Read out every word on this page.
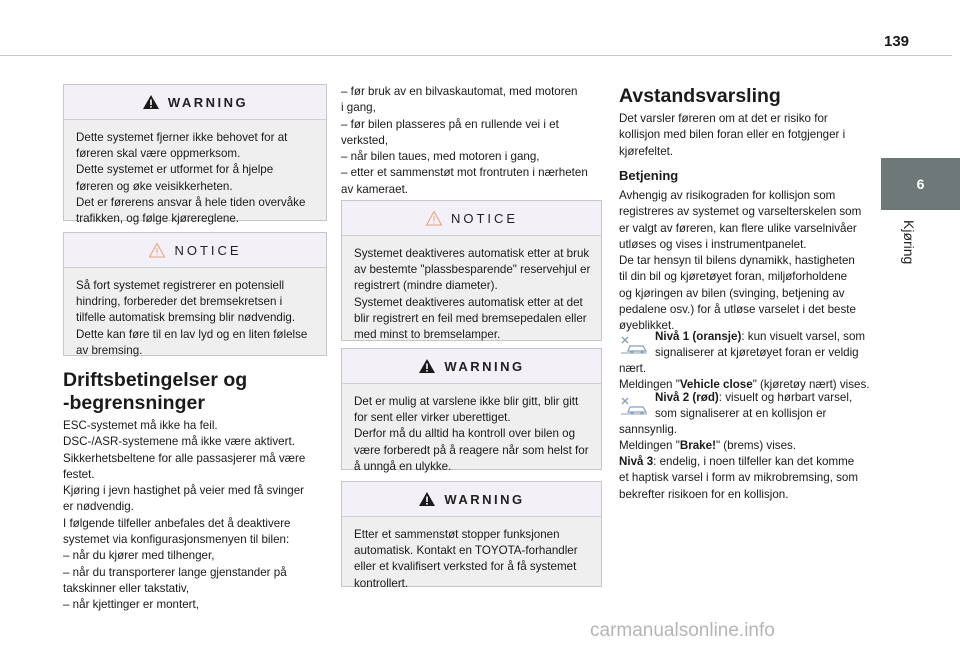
139
6
Kjøring
WARNING
Dette systemet fjerner ikke behovet for at
føreren skal være oppmerksom.
Dette systemet er utformet for å hjelpe
føreren og øke veisikkerheten.
Det er førerens ansvar å hele tiden overvåke
trafikken, og følge kjørereglene.
NOTICE
Så fort systemet registrerer en potensiell
hindring, forbereder det bremsekretsen i
tilfelle automatisk bremsing blir nødvendig.
Dette kan føre til en lav lyd og en liten følelse
av bremsing.
Driftsbetingelser og
-begrensninger
ESC-systemet må ikke ha feil.
DSC-/ASR-systemene må ikke være aktivert.
Sikkerhetsbeltene for alle passasjerer må være
festet.
Kjøring i jevn hastighet på veier med få svinger
er nødvendig.
I følgende tilfeller anbefales det å deaktivere
systemet via konfigurasjonsmenyen til bilen:
– når du kjører med tilhenger,
– når du transporterer lange gjenstander på
takskinner eller takstativ,
– når kjettinger er montert,
– før bruk av en bilvaskautomat, med motoren
i gang,
– før bilen plasseres på en rullende vei i et
verksted,
– når bilen taues, med motoren i gang,
– etter et sammenstøt mot frontruten i nærheten
av kameraet.
NOTICE
Systemet deaktiveres automatisk etter at bruk
av bestemte "plassbesparende" reservehjul er
registrert (mindre diameter).
Systemet deaktiveres automatisk etter at det
blir registrert en feil med bremsepedalen eller
med minst to bremselamper.
WARNING
Det er mulig at varslene ikke blir gitt, blir gitt
for sent eller virker uberettiget.
Derfor må du alltid ha kontroll over bilen og
være forberedt på å reagere når som helst for
å unngå en ulykke.
WARNING
Etter et sammenstøt stopper funksjonen
automatisk. Kontakt en TOYOTA-forhandler
eller et kvalifisert verksted for å få systemet
kontrollert.
Avstandsvarsling
Det varsler føreren om at det er risiko for
kollisjon med bilen foran eller en fotgjenger i
kjørefeltet.
Betjening
Avhengig av risikograden for kollisjon som
registreres av systemet og varselterskelen som
er valgt av føreren, kan flere ulike varselnivåer
utløses og vises i instrumentpanelet.
De tar hensyn til bilens dynamikk, hastigheten
til din bil og kjøretøyet foran, miljøforholdene
og kjøringen av bilen (svinging, betjening av
pedalene osv.) for å utløse varselet i det beste
øyeblikket.
Nivå 1 (oransje): kun visuelt varsel, som
signaliserer at kjøretøyet foran er veldig
nært.
Meldingen "Vehicle close" (kjøretøy nært) vises.
Nivå 2 (rød): visuelt og hørbart varsel,
som signaliserer at en kollisjon er
sannsynlig.
Meldingen "Brake!" (brems) vises.
Nivå 3: endelig, i noen tilfeller kan det komme
et haptisk varsel i form av mikrobremsing, som
bekrefter risikoen for en kollisjon.
carmanualsonline.info
